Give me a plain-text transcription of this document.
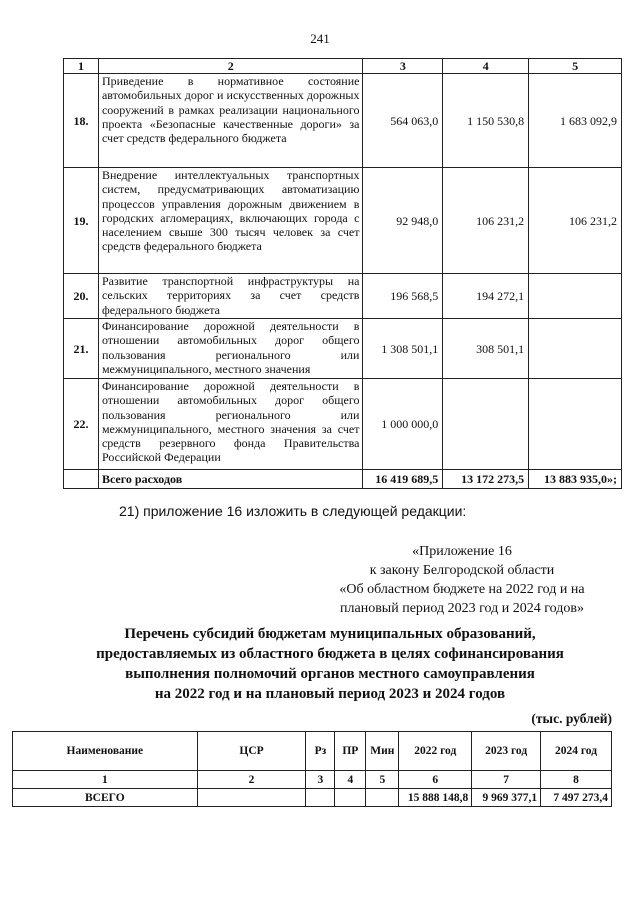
241
1	2	3	4	5
18.	Приведение в нормативное состояние автомобильных дорог и искусственных дорожных сооружений в рамках реализации национального проекта «Безопасные качественные дороги» за счет средств федерального бюджета	564 063,0	1 150 530,8	1 683 092,9
19.	Внедрение интеллектуальных транспортных систем, предусматривающих автоматизацию процессов управления дорожным движением в городских агломерациях, включающих города с населением свыше 300 тысяч человек за счет средств федерального бюджета	92 948,0	106 231,2	106 231,2
20.	Развитие транспортной инфраструктуры на сельских территориях за счет средств федерального бюджета	196 568,5	194 272,1	
21.	Финансирование дорожной деятельности в отношении автомобильных дорог общего пользования регионального или межмуниципального, местного значения	1 308 501,1	308 501,1	
22.	Финансирование дорожной деятельности в отношении автомобильных дорог общего пользования регионального или межмуниципального, местного значения за счет средств резервного фонда Правительства Российской Федерации	1 000 000,0		
	Всего расходов	16 419 689,5	13 172 273,5	13 883 935,0»;
21) приложение 16 изложить в следующей редакции:
«Приложение 16
к закону Белгородской области
«Об областном бюджете на 2022 год и на
плановый период 2023 год и 2024 годов»
Перечень субсидий бюджетам муниципальных образований,
предоставляемых из областного бюджета в целях софинансирования
выполнения полномочий органов местного самоуправления
на 2022 год и на плановый период 2023 и 2024 годов
(тыс. рублей)
Наименование	ЦСР	Рз	ПР	Мин	2022 год	2023 год	2024 год
1	2	3	4	5	6	7	8
ВСЕГО					15 888 148,8	9 969 377,1	7 497 273,4
